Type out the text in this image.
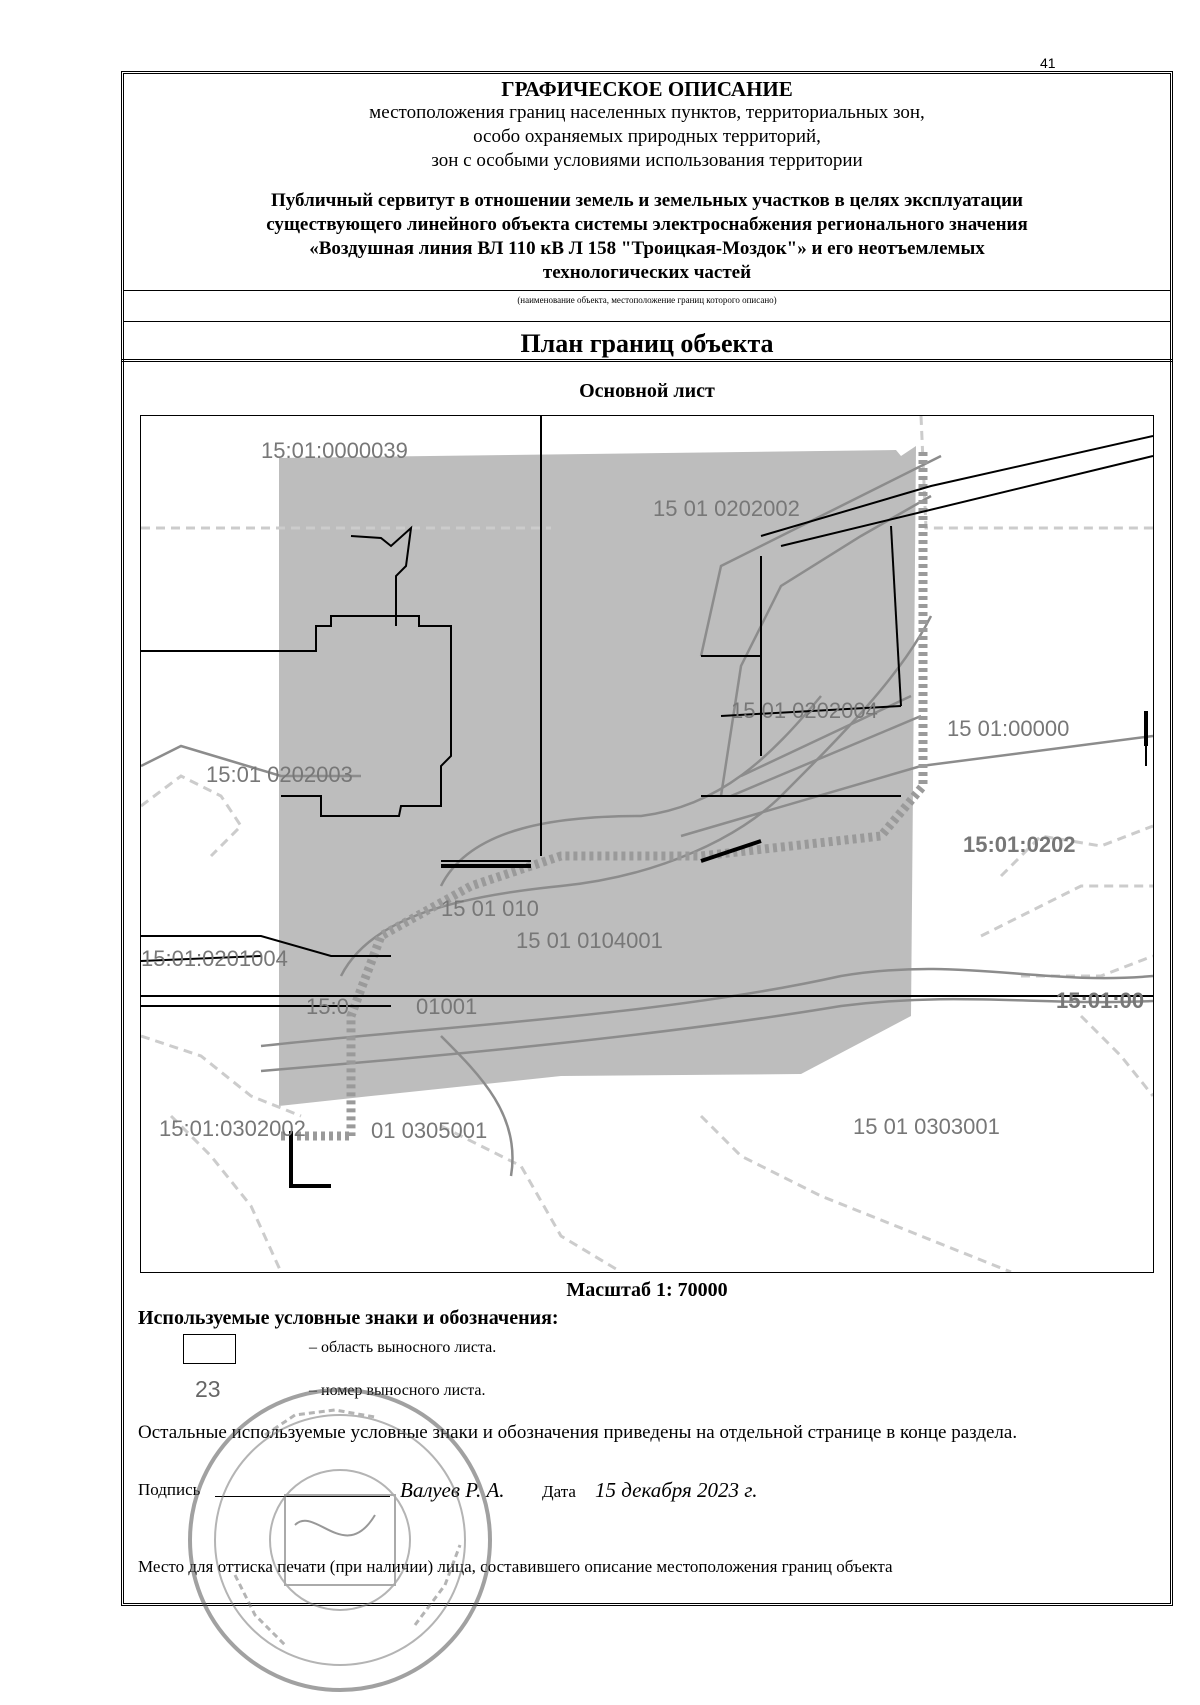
41
ГРАФИЧЕСКОЕ ОПИСАНИЕ
местоположения границ населенных пунктов, территориальных зон,
особо охраняемых природных территорий,
зон с особыми условиями использования территории
Публичный сервитут в отношении земель и земельных участков в целях эксплуатации
существующего линейного объекта системы электроснабжения регионального значения
«Воздушная линия ВЛ 110 кВ Л 158 "Троицкая-Моздок"» и его неотъемлемых
технологических частей
(наименование объекта, местоположение границ которого описано)
План границ объекта
Основной лист
15:01:0000039
15 01 0202002
15 01 0202004
15 01:00000
15:01 0202003
15:01:0202
15 01 010
15 01 0104001
15:01:0201004
15:0	01001	15:01:00
15:01:0302002	01 0305001	15 01 0303001
Масштаб 1: 70000
Используемые условные знаки и обозначения:
– область выносного листа.
23	– номер выносного листа.
Остальные используемые условные знаки и обозначения приведены на отдельной странице в конце раздела.
Подпись	Валуев Р. А. Дата 15 декабря 2023 г.
Место для оттиска печати (при наличии) лица, составившего описание местоположения границ объекта
